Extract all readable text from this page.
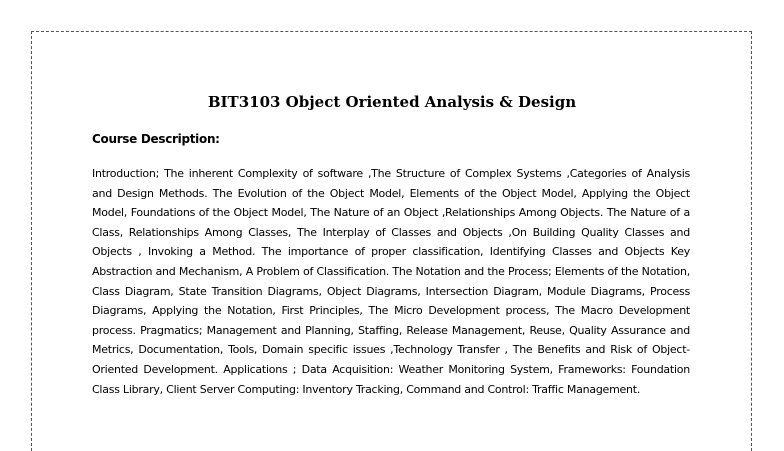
BIT3103 Object Oriented Analysis & Design
Course Description:

Introduction; The inherent Complexity of software ,The Structure of Complex Systems ,Categories of Analysis and Design Methods. The Evolution of the Object Model, Elements of the Object Model, Applying the Object Model, Foundations of the Object Model, The Nature of an Object ,Relationships Among Objects. The Nature of a Class, Relationships Among Classes, The Interplay of Classes and Objects ,On Building Quality Classes and Objects , Invoking a Method. The importance of proper classification, Identifying Classes and Objects Key Abstraction and Mechanism, A Problem of Classification. The Notation and the Process; Elements of the Notation, Class Diagram, State Transition Diagrams, Object Diagrams, Intersection Diagram, Module Diagrams, Process Diagrams, Applying the Notation, First Principles, The Micro Development process, The Macro Development process. Pragmatics; Management and Planning, Staffing, Release Management, Reuse, Quality Assurance and Metrics, Documentation, Tools, Domain specific issues ,Technology Transfer , The Benefits and Risk of Object-Oriented Development. Applications ; Data Acquisition: Weather Monitoring System, Frameworks: Foundation Class Library, Client Server Computing: Inventory Tracking, Command and Control: Traffic Management.
